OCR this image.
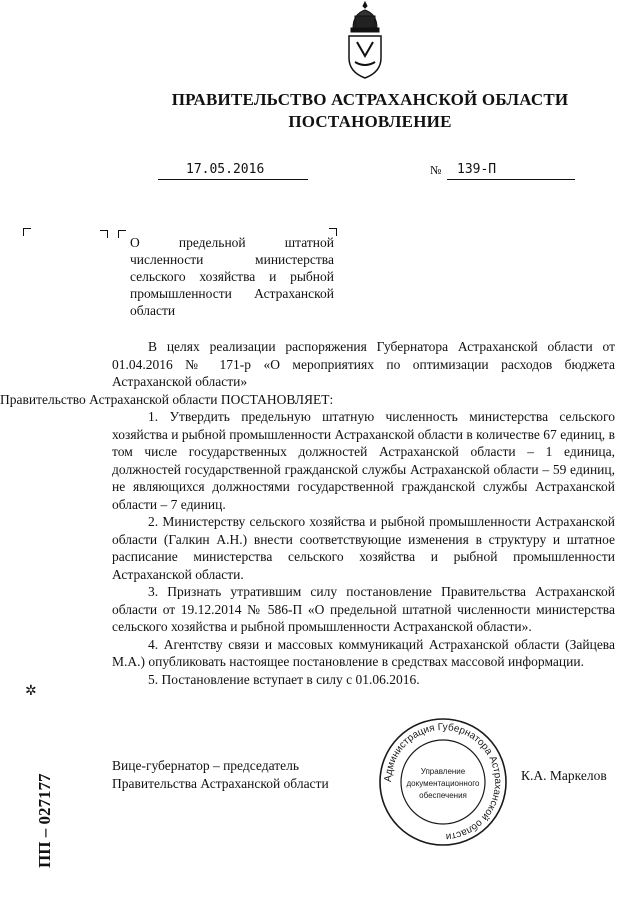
ПРАВИТЕЛЬСТВО АСТРАХАНСКОЙ ОБЛАСТИ
ПОСТАНОВЛЕНИЕ
17.05.2016	№ 139-П
О предельной штатной численности министерства сельского хозяйства и рыбной промышленности Астраханской области

В целях реализации распоряжения Губернатора Астраханской области от 01.04.2016 № 171-р «О мероприятиях по оптимизации расходов бюджета Астраханской области»

Правительство Астраханской области ПОСТАНОВЛЯЕТ:

1. Утвердить предельную штатную численность министерства сельского хозяйства и рыбной промышленности Астраханской области в количестве 67 единиц, в том числе государственных должностей Астраханской области – 1 единица, должностей государственной гражданской службы Астраханской области – 59 единиц, не являющихся должностями государственной гражданской службы Астраханской области – 7 единиц.

2. Министерству сельского хозяйства и рыбной промышленности Астраханской области (Галкин А.Н.) внести соответствующие изменения в структуру и штатное расписание министерства сельского хозяйства и рыбной промышленности Астраханской области.

3. Признать утратившим силу постановление Правительства Астраханской области от 19.12.2014 № 586-П «О предельной штатной численности министерства сельского хозяйства и рыбной промышленности Астраханской области».

4. Агентству связи и массовых коммуникаций Астраханской области (Зайцева М.А.) опубликовать настоящее постановление в средствах массовой информации.

5. Постановление вступает в силу с 01.06.2016.

Вице-губернатор – председатель
Правительства Астраханской области
К.А. Маркелов
Администрация Губернатора Астраханской области
Управление
документационного
обеспечения
✲
ПП – 027177
